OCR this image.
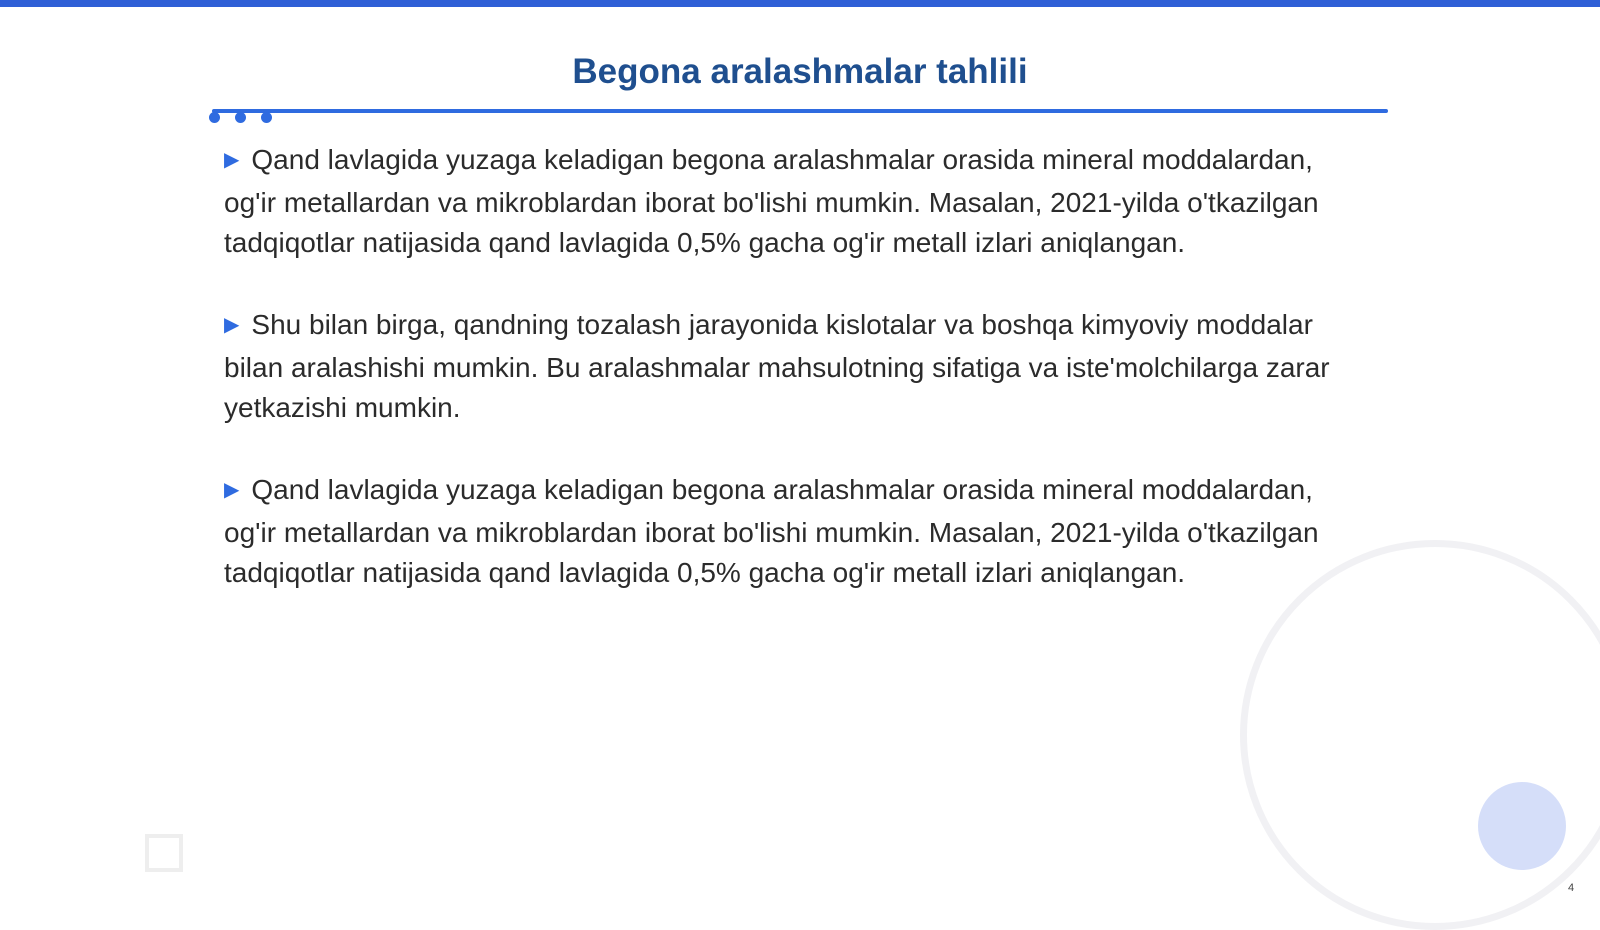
Begona aralashmalar tahlili

▶ Qand lavlagida yuzaga keladigan begona aralashmalar orasida mineral moddalardan, og'ir metallardan va mikroblardan iborat bo'lishi mumkin. Masalan, 2021-yilda o'tkazilgan tadqiqotlar natijasida qand lavlagida 0,5% gacha og'ir metall izlari aniqlangan.

▶ Shu bilan birga, qandning tozalash jarayonida kislotalar va boshqa kimyoviy moddalar bilan aralashishi mumkin. Bu aralashmalar mahsulotning sifatiga va iste'molchilarga zarar yetkazishi mumkin.

▶ Qand lavlagida yuzaga keladigan begona aralashmalar orasida mineral moddalardan, og'ir metallardan va mikroblardan iborat bo'lishi mumkin. Masalan, 2021-yilda o'tkazilgan tadqiqotlar natijasida qand lavlagida 0,5% gacha og'ir metall izlari aniqlangan.

4
